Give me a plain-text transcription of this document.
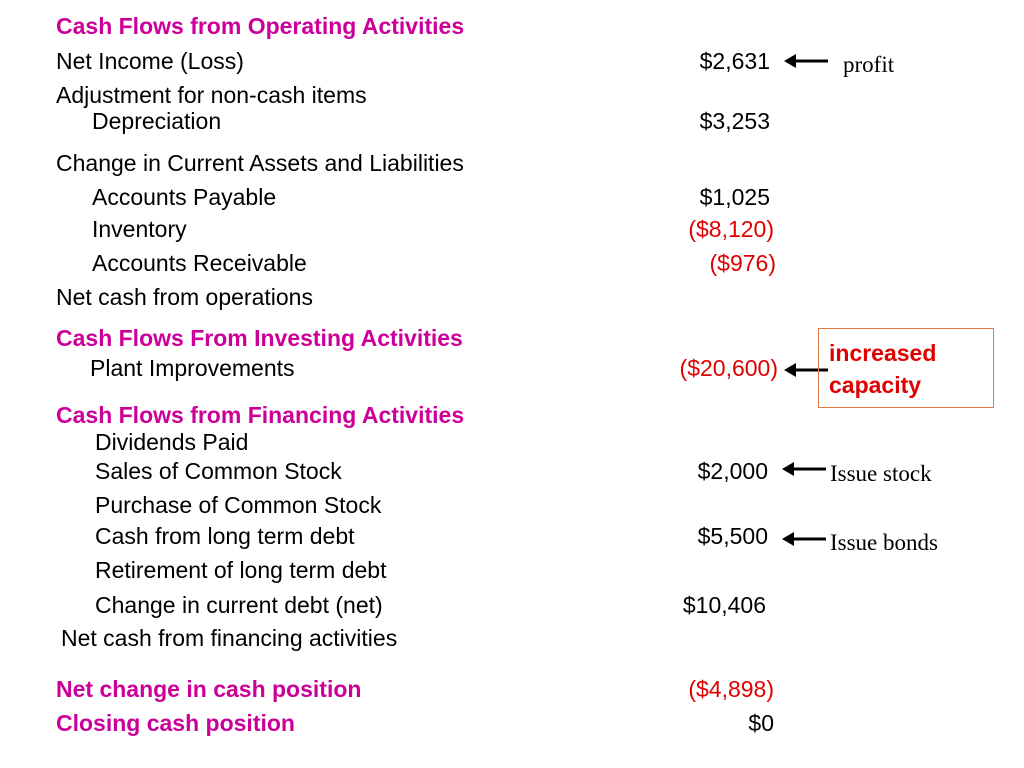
Cash Flows from Operating Activities
Net Income (Loss)	$2,631
Adjustment for non-cash items
Depreciation	$3,253
Change in Current Assets and Liabilities
Accounts Payable	$1,025
Inventory	($8,120)
Accounts Receivable	($976)
Net cash from operations
Cash Flows From Investing Activities
Plant Improvements	($20,600)
Cash Flows from Financing Activities
Dividends Paid
Sales of Common Stock	$2,000
Purchase of Common Stock
Cash from long term debt	$5,500
Retirement of long term debt
Change in current debt (net)	$10,406
Net cash from financing activities
Net change in cash position	($4,898)
Closing cash position	$0
profit
increased
capacity
Issue stock
Issue bonds
